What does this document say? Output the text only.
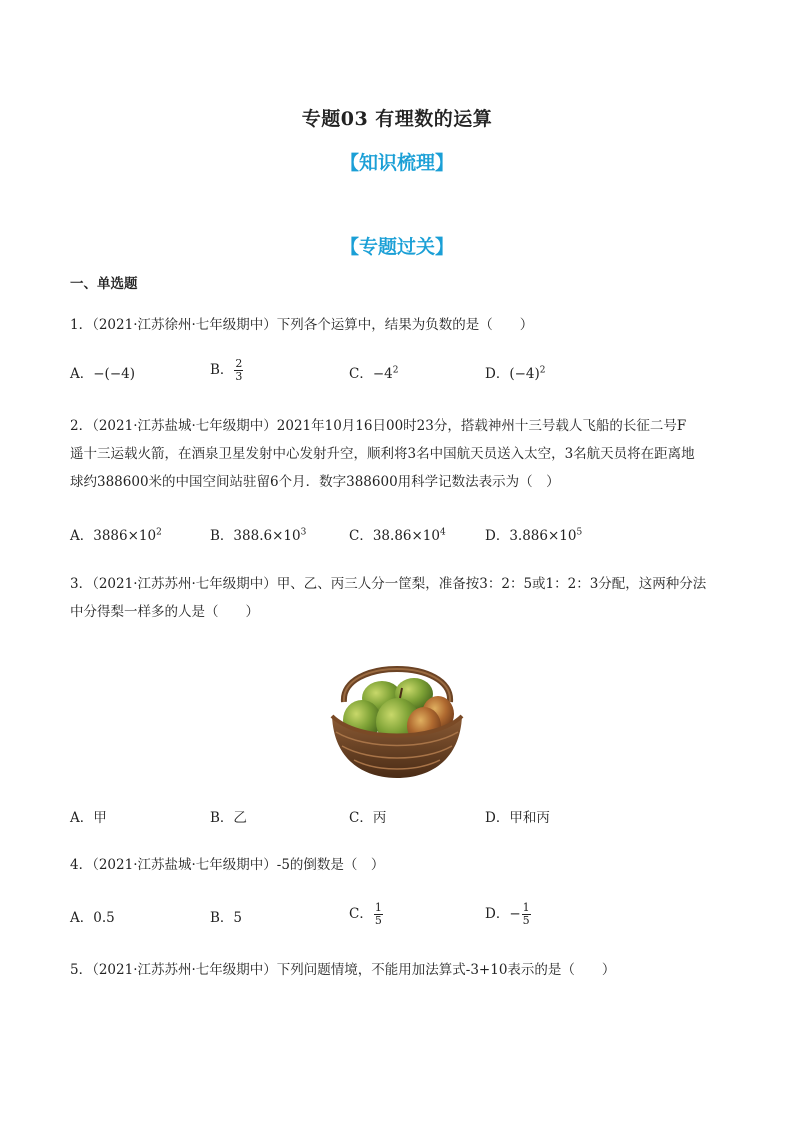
专题03 有理数的运算
【知识梳理】
【专题过关】
一、单选题
1．（2021·江苏徐州·七年级期中）下列各个运算中，结果为负数的是（　　）
A．−(−4)	B． $\frac{2}{3}$	C．$-4^2$	D．$(-4)^2$
2．（2021·江苏盐城·七年级期中）2021年10月16日00时23分，搭载神州十三号载人飞船的长征二号F
遥十三运载火箭，在酒泉卫星发射中心发射升空，顺利将3名中国航天员送入太空，3名航天员将在距离地
球约388600米的中国空间站驻留6个月．数字388600用科学记数法表示为（　）
A．$3886\times 10^2$	B．$388.6\times 10^3$	C．$38.86\times 10^4$	D．$3.886\times 10^5$
3．（2021·江苏苏州·七年级期中）甲、乙、丙三人分一筐梨，准备按3：2：5或1：2：3分配，这两种分法
中分得梨一样多的人是（　　）
A．甲	B．乙	C．丙	D．甲和丙
4．（2021·江苏盐城·七年级期中）-5的倒数是（　）
A．0.5	B．5	C． $\frac{1}{5}$	D．− $\frac{1}{5}$
5．（2021·江苏苏州·七年级期中）下列问题情境，不能用加法算式-3+10表示的是（　　）
